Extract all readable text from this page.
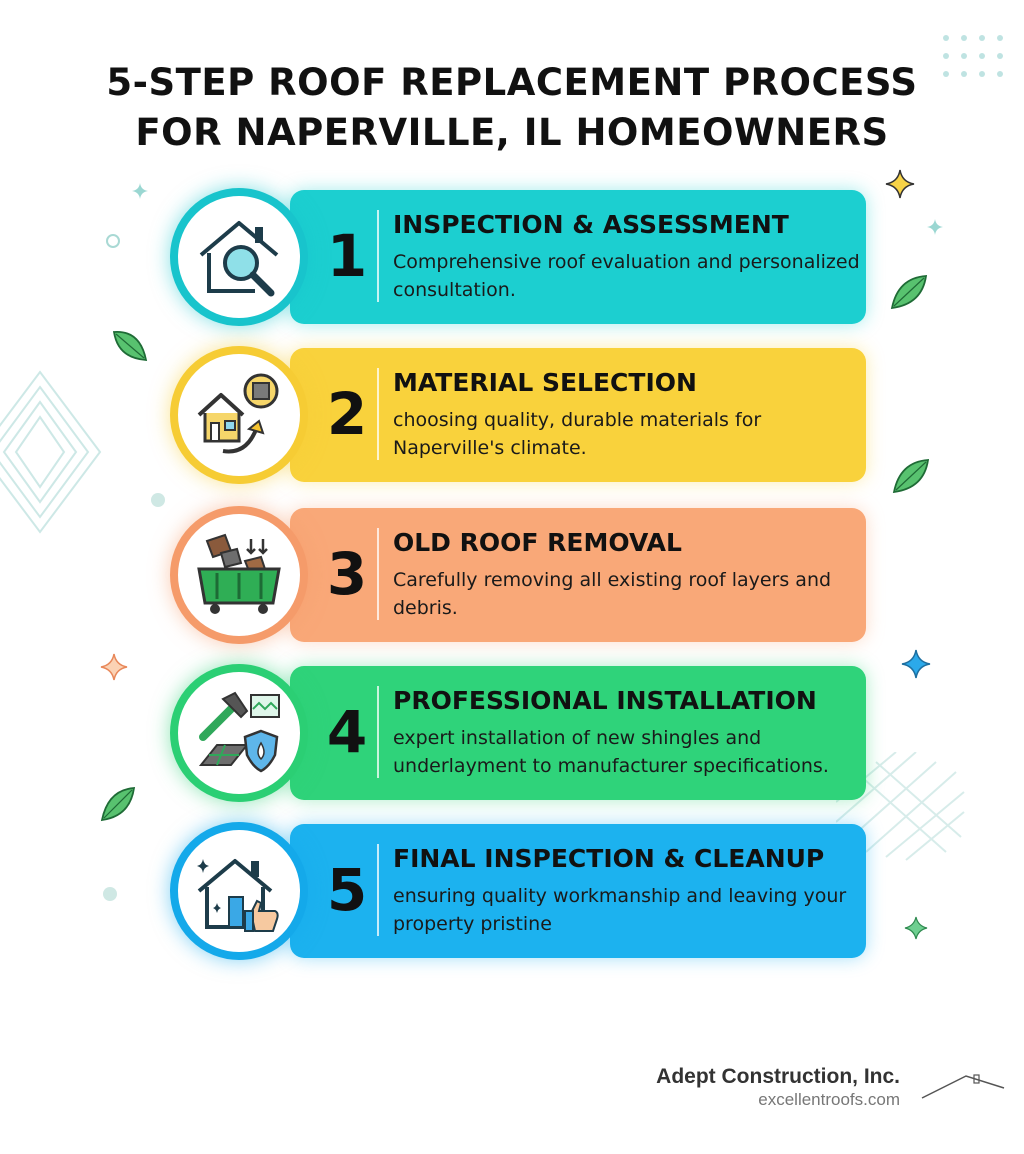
5-STEP ROOF REPLACEMENT PROCESS
FOR NAPERVILLE, IL HOMEOWNERS
1 INSPECTION & ASSESSMENT
Comprehensive roof evaluation and personalized consultation.
2 MATERIAL SELECTION
choosing quality, durable materials for Naperville's climate.
3 OLD ROOF REMOVAL
Carefully removing all existing roof layers and debris.
4 PROFESSIONAL INSTALLATION
expert installation of new shingles and underlayment to manufacturer specifications.
5 FINAL INSPECTION & CLEANUP
ensuring quality workmanship and leaving your property pristine
Adept Construction, Inc.
excellentroofs.com
